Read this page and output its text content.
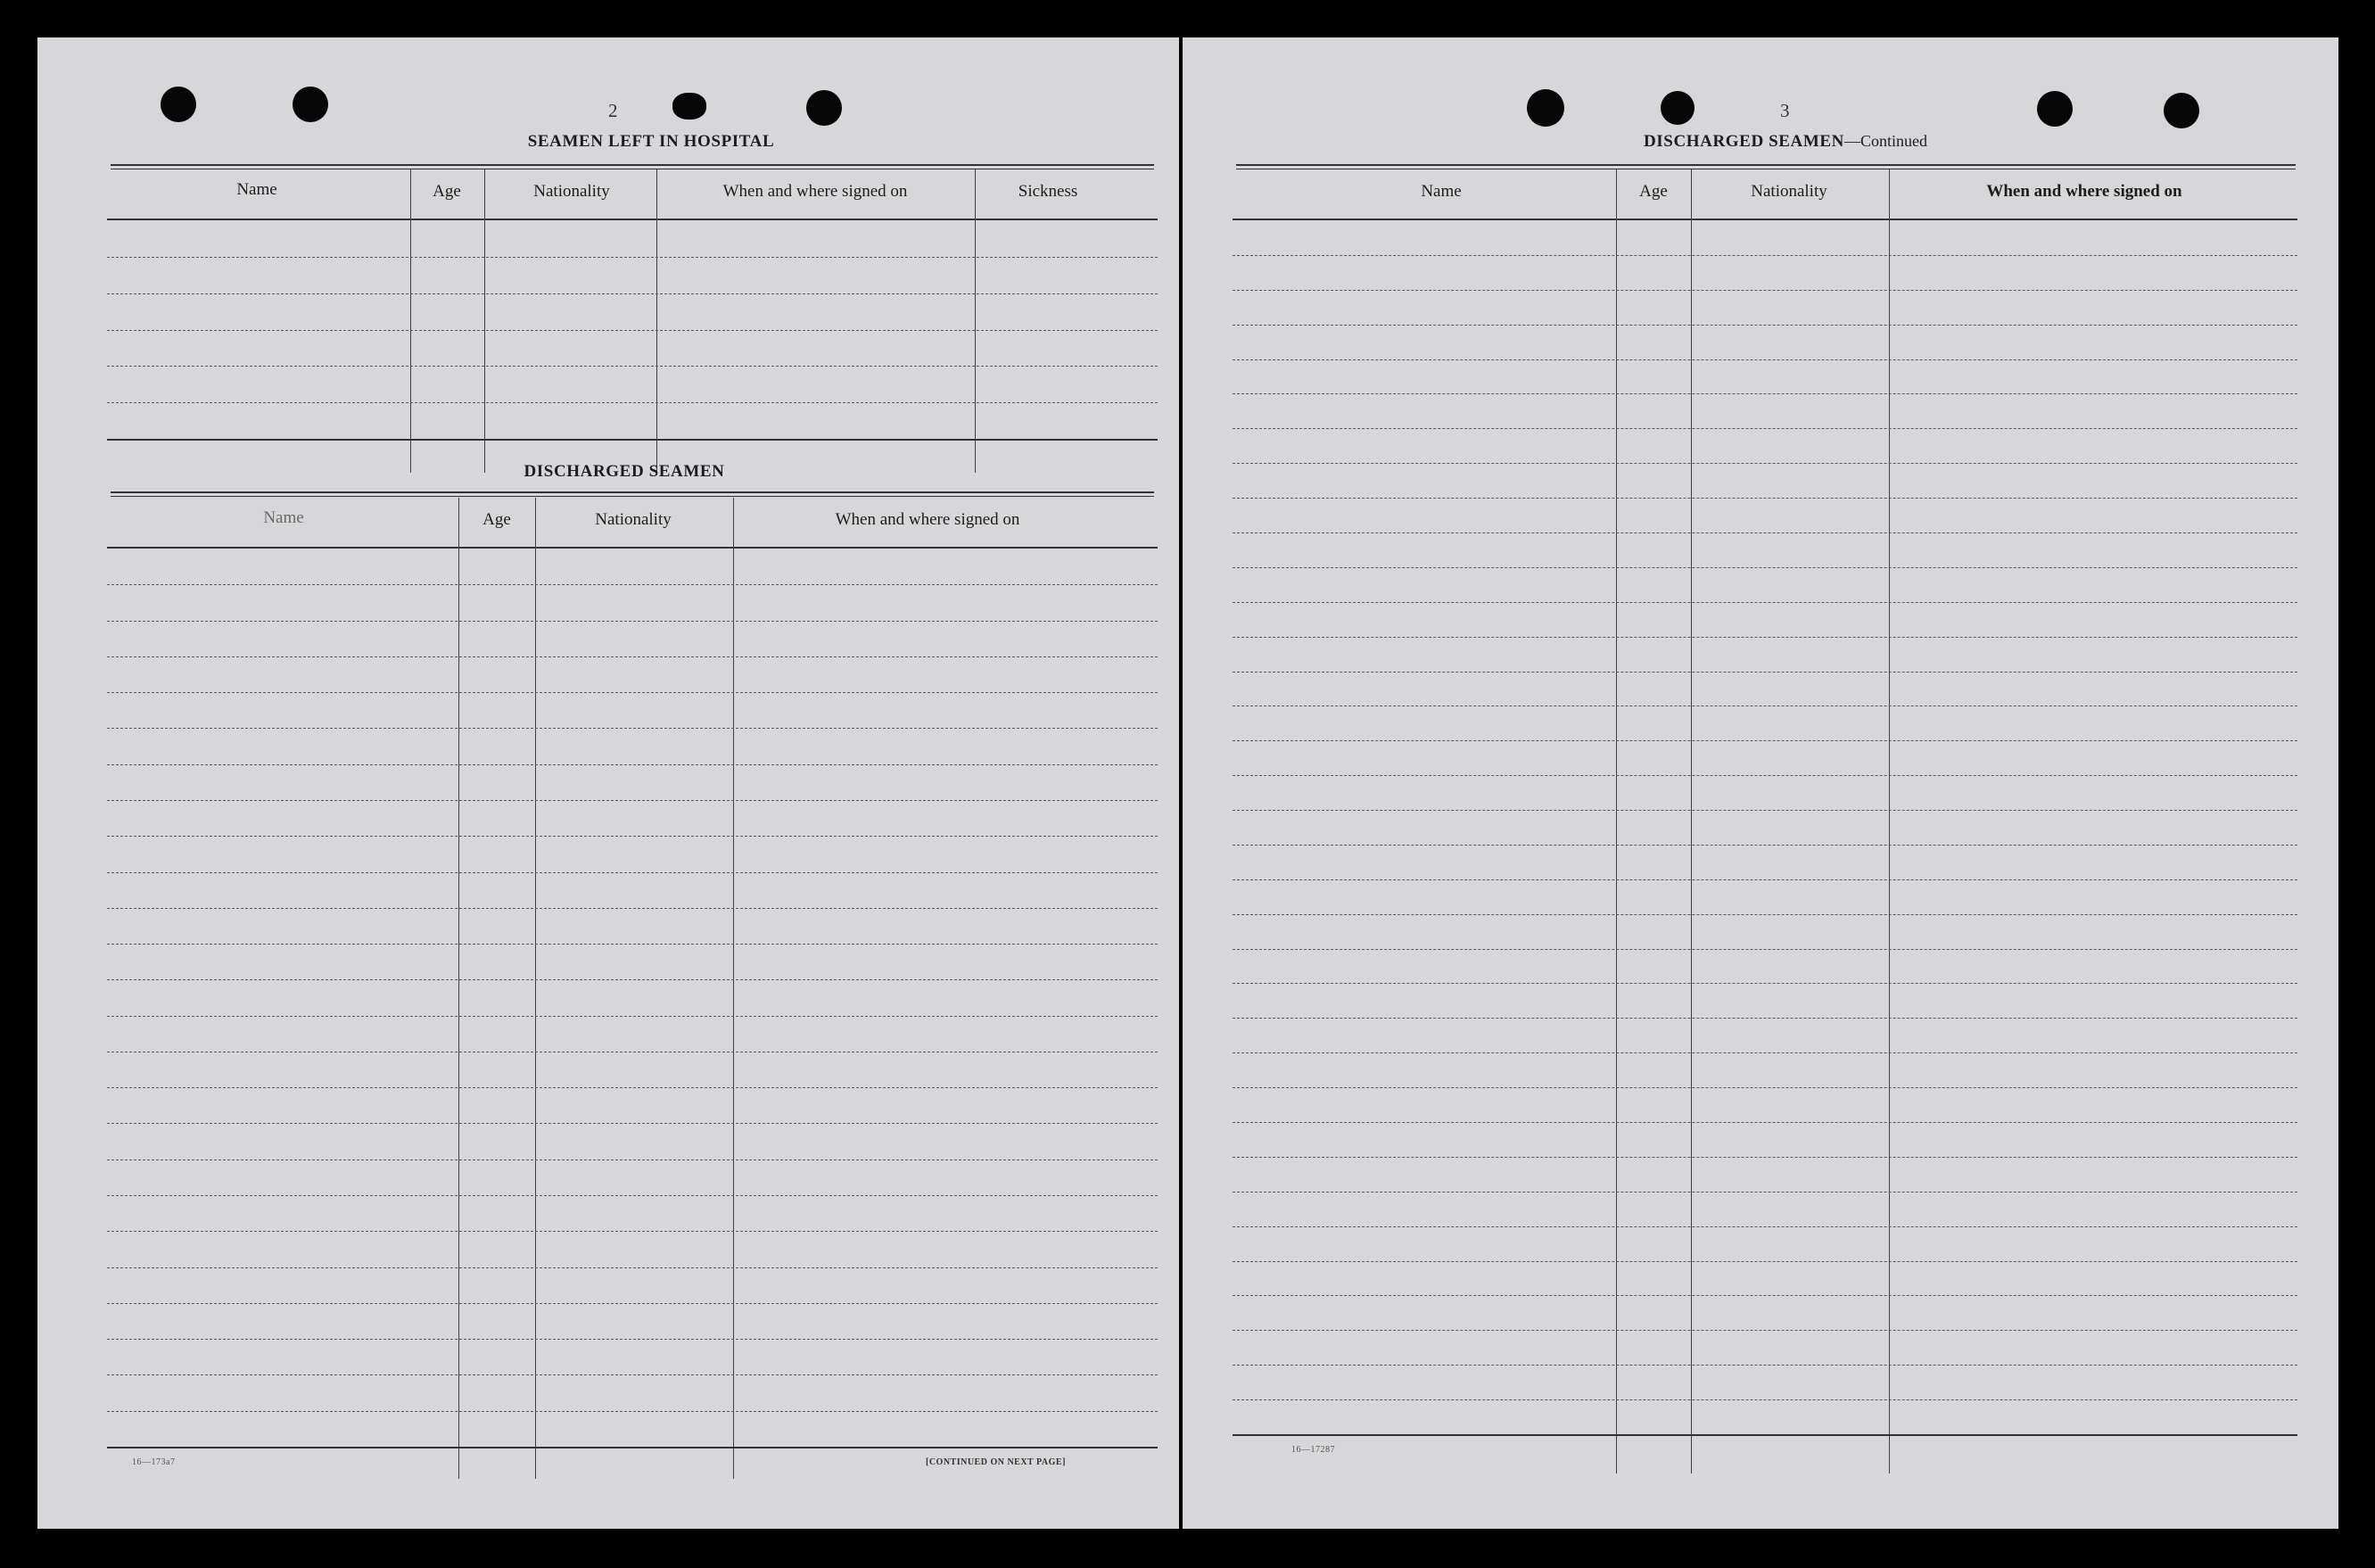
2
SEAMEN LEFT IN HOSPITAL
Name	Age	Nationality	When and where signed on	Sickness
DISCHARGED SEAMEN
Name	Age	Nationality	When and where signed on
16—173a7	[CONTINUED ON NEXT PAGE]
3
DISCHARGED SEAMEN—Continued
Name	Age	Nationality	When and where signed on
16—17287
